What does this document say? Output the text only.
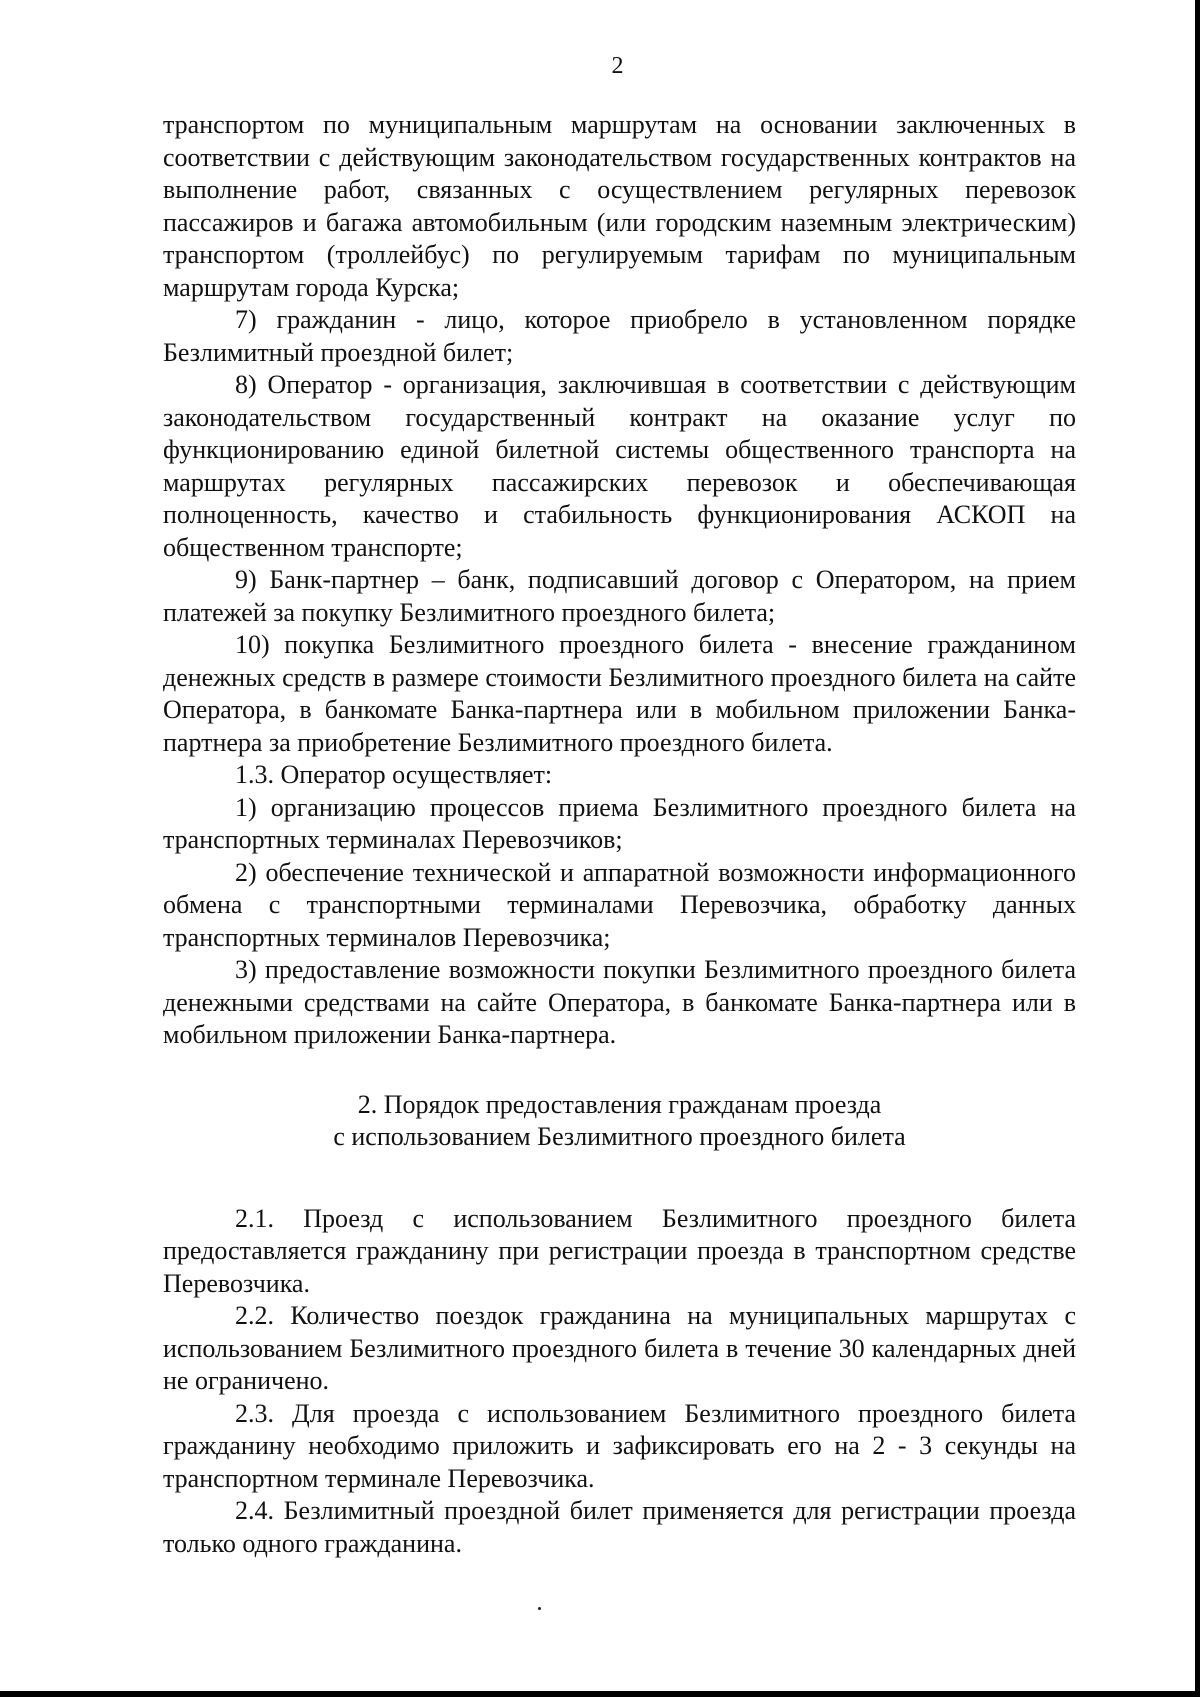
2

транспортом по муниципальным маршрутам на основании заключенных в соответствии с действующим законодательством государственных контрактов на выполнение работ, связанных с осуществлением регулярных перевозок пассажиров и багажа автомобильным (или городским наземным электрическим) транспортом (троллейбус) по регулируемым тарифам по муниципальным маршрутам города Курска;

7) гражданин - лицо, которое приобрело в установленном порядке Безлимитный проездной билет;

8) Оператор - организация, заключившая в соответствии с действующим законодательством государственный контракт на оказание услуг по функционированию единой билетной системы общественного транспорта на маршрутах регулярных пассажирских перевозок и обеспечивающая полноценность, качество и стабильность функционирования АСКОП на общественном транспорте;

9) Банк-партнер – банк, подписавший договор с Оператором, на прием платежей за покупку Безлимитного проездного билета;

10) покупка Безлимитного проездного билета - внесение гражданином денежных средств в размере стоимости Безлимитного проездного билета на сайте Оператора, в банкомате Банка-партнера или в мобильном приложении Банка-партнера за приобретение Безлимитного проездного билета.

1.3. Оператор осуществляет:

1) организацию процессов приема Безлимитного проездного билета на транспортных терминалах Перевозчиков;

2) обеспечение технической и аппаратной возможности информационного обмена с транспортными терминалами Перевозчика, обработку данных транспортных терминалов Перевозчика;

3) предоставление возможности покупки Безлимитного проездного билета денежными средствами на сайте Оператора, в банкомате Банка-партнера или в мобильном приложении Банка-партнера.

2. Порядок предоставления гражданам проезда
с использованием Безлимитного проездного билета

2.1. Проезд с использованием Безлимитного проездного билета предоставляется гражданину при регистрации проезда в транспортном средстве Перевозчика.

2.2. Количество поездок гражданина на муниципальных маршрутах с использованием Безлимитного проездного билета в течение 30 календарных дней не ограничено.

2.3. Для проезда с использованием Безлимитного проездного билета гражданину необходимо приложить и зафиксировать его на 2 - 3 секунды на транспортном терминале Перевозчика.

2.4. Безлимитный проездной билет применяется для регистрации проезда только одного гражданина.
